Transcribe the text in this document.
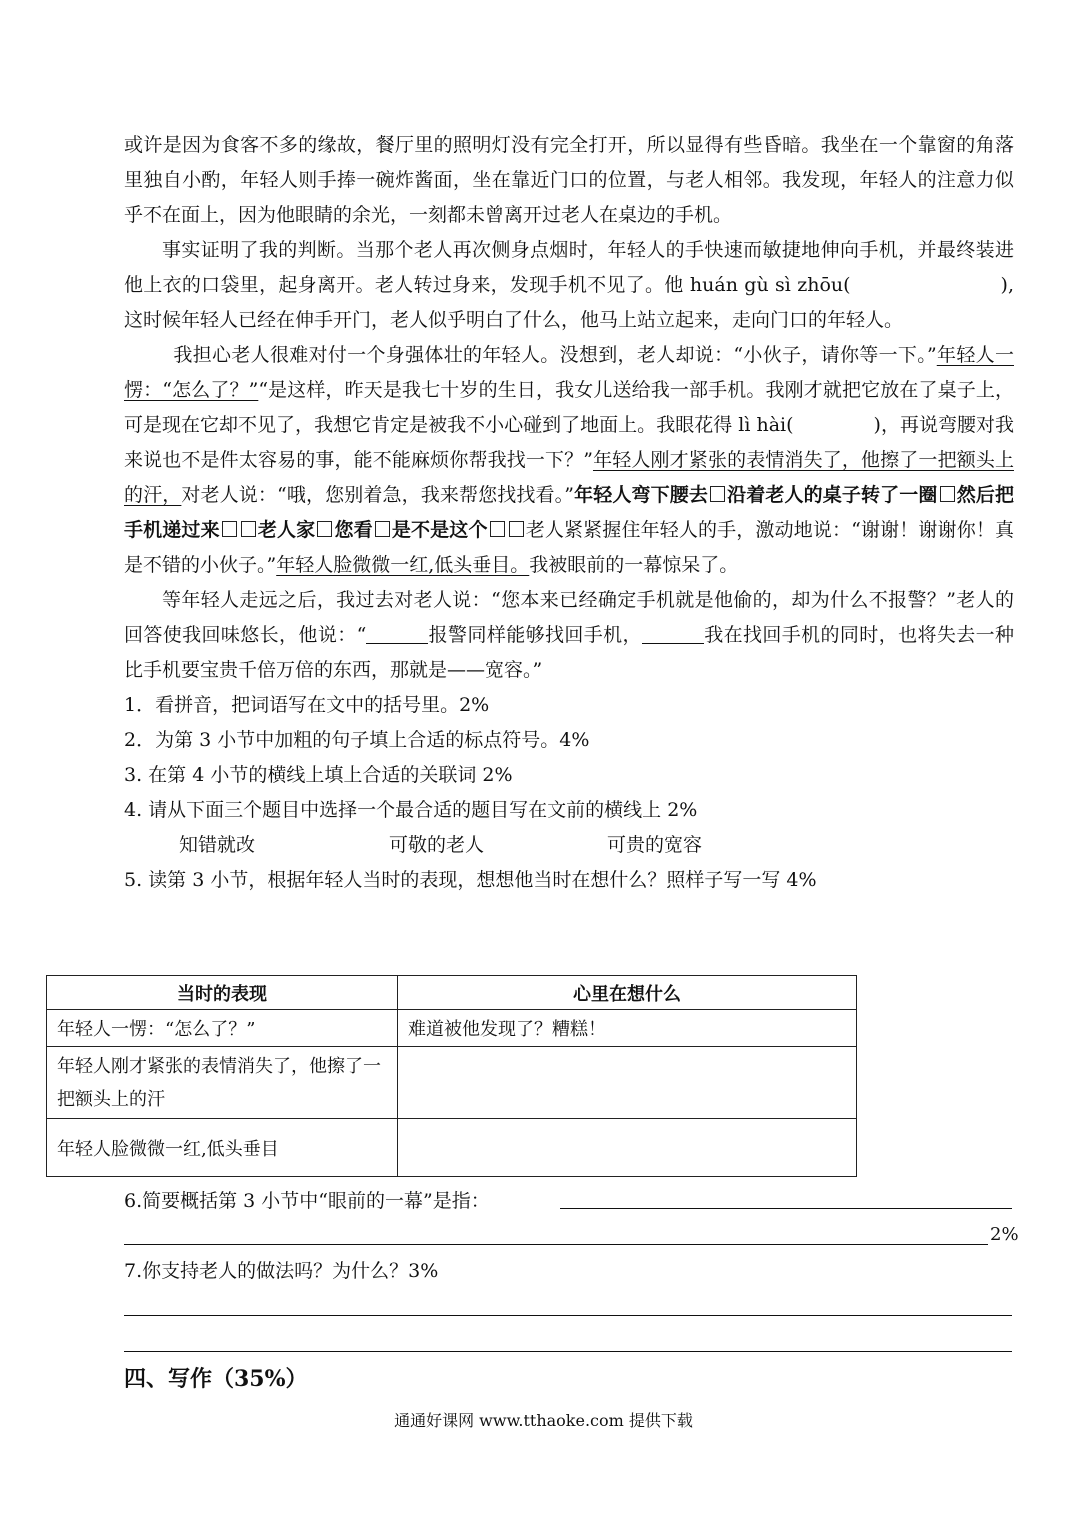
或许是因为食客不多的缘故，餐厅里的照明灯没有完全打开，所以显得有些昏暗。我坐在一个靠窗的角落里独自小酌，年轻人则手捧一碗炸酱面，坐在靠近门口的位置，与老人相邻。我发现，年轻人的注意力似乎不在面上，因为他眼睛的余光，一刻都未曾离开过老人在桌边的手机。

事实证明了我的判断。当那个老人再次侧身点烟时，年轻人的手快速而敏捷地伸向手机，并最终装进他上衣的口袋里，起身离开。老人转过身来，发现手机不见了。他 huán gù sì zhōu(	),这时候年轻人已经在伸手开门，老人似乎明白了什么，他马上站立起来，走向门口的年轻人。

我担心老人很难对付一个身强体壮的年轻人。没想到，老人却说：“小伙子，请你等一下。”年轻人一愣：“怎么了？”“是这样，昨天是我七十岁的生日，我女儿送给我一部手机。我刚才就把它放在了桌子上，可是现在它却不见了，我想它肯定是被我不小心碰到了地面上。我眼花得 lì hài(	)，再说弯腰对我来说也不是件太容易的事，能不能麻烦你帮我找一下？”年轻人刚才紧张的表情消失了，他擦了一把额头上的汗，对老人说：“哦，您别着急，我来帮您找找看。”年轻人弯下腰去 沿着老人的桌子转了一圈 然后把手机递过来 老人家 您看 是不是这个 老人紧紧握住年轻人的手，激动地说：“谢谢！谢谢你！真是不错的小伙子。”年轻人脸微微一红,低头垂目。我被眼前的一幕惊呆了。

等年轻人走远之后，我过去对老人说：“您本来已经确定手机就是他偷的，却为什么不报警？”老人的回答使我回味悠长，他说：“	报警同样能够找回手机，	我在找回手机的同时，也将失去一种比手机要宝贵千倍万倍的东西，那就是——宽容。”

1．看拼音，把词语写在文中的括号里。2%
2．为第 3 小节中加粗的句子填上合适的标点符号。4%
3. 在第 4 小节的横线上填上合适的关联词 2%
4. 请从下面三个题目中选择一个最合适的题目写在文前的横线上 2%
知错就改	可敬的老人	可贵的宽容
5. 读第 3 小节，根据年轻人当时的表现，想想他当时在想什么？照样子写一写 4%
当时的表现	心里在想什么
年轻人一愣：“怎么了？”	难道被他发现了？糟糕！
年轻人刚才紧张的表情消失了，他擦了一把额头上的汗	
年轻人脸微微一红,低头垂目	
6.简要概括第 3 小节中“眼前的一幕”是指：
2%
7.你支持老人的做法吗？为什么？3%
四、写作（35%）
通通好课网 www.tthaoke.com 提供下载
